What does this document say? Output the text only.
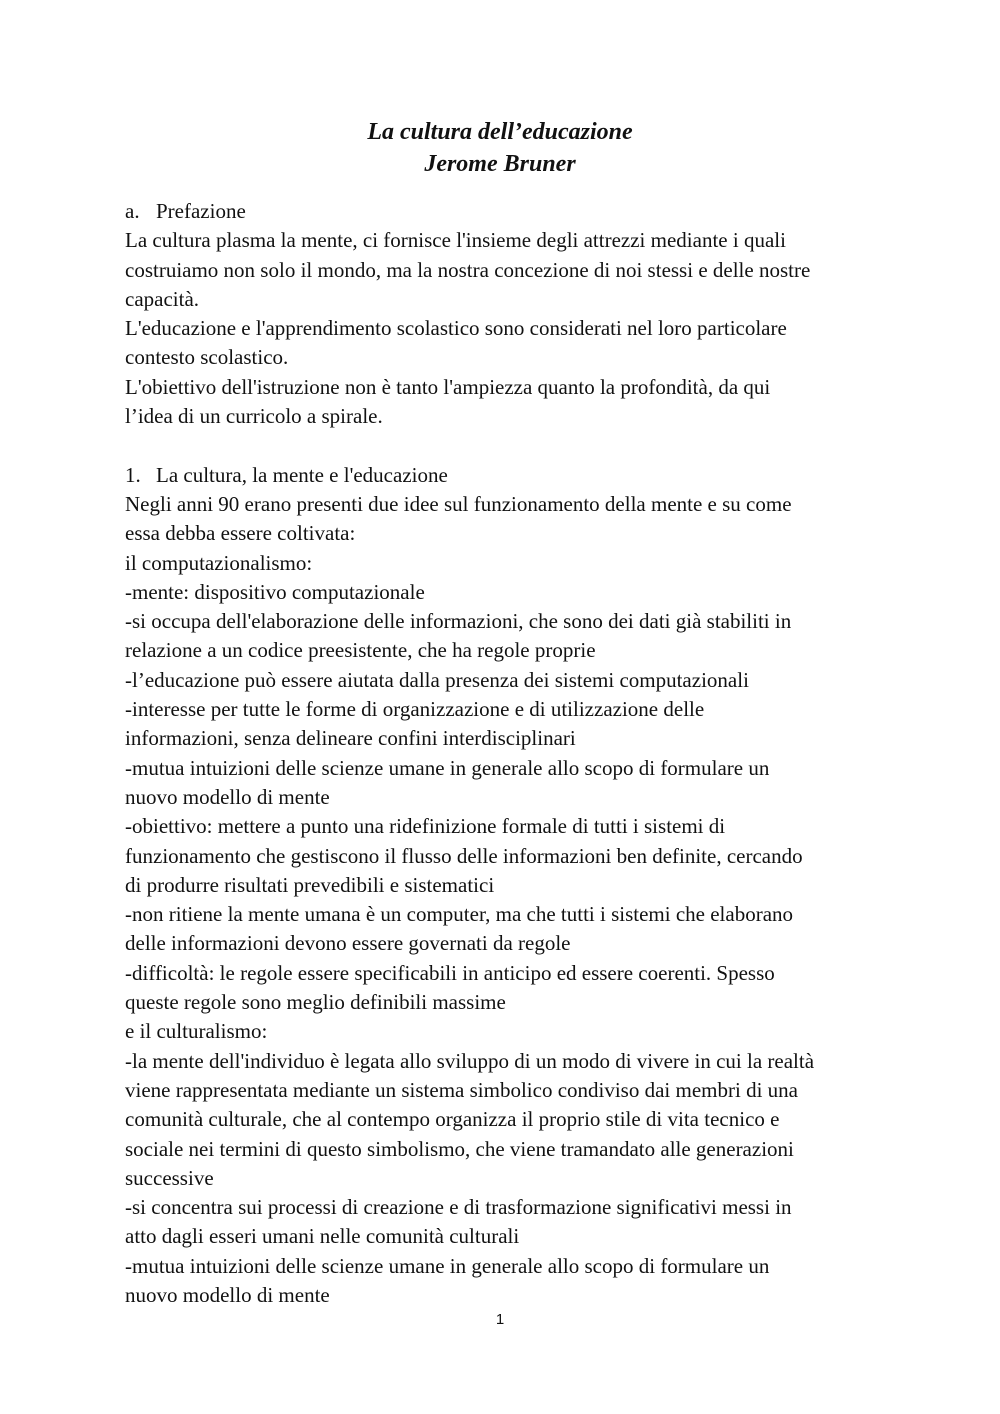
La cultura dell’educazione
Jerome Bruner
a. Prefazione
La cultura plasma la mente, ci fornisce l'insieme degli attrezzi mediante i quali
costruiamo non solo il mondo, ma la nostra concezione di noi stessi e delle nostre
capacità.
L'educazione e l'apprendimento scolastico sono considerati nel loro particolare
contesto scolastico.
L'obiettivo dell'istruzione non è tanto l'ampiezza quanto la profondità, da qui
l’idea di un curricolo a spirale.
1. La cultura, la mente e l'educazione
Negli anni 90 erano presenti due idee sul funzionamento della mente e su come
essa debba essere coltivata:
il computazionalismo:
-mente: dispositivo computazionale
-si occupa dell'elaborazione delle informazioni, che sono dei dati già stabiliti in
relazione a un codice preesistente, che ha regole proprie
-l’educazione può essere aiutata dalla presenza dei sistemi computazionali
-interesse per tutte le forme di organizzazione e di utilizzazione delle
informazioni, senza delineare confini interdisciplinari
-mutua intuizioni delle scienze umane in generale allo scopo di formulare un
nuovo modello di mente
-obiettivo: mettere a punto una ridefinizione formale di tutti i sistemi di
funzionamento che gestiscono il flusso delle informazioni ben definite, cercando
di produrre risultati prevedibili e sistematici
-non ritiene la mente umana è un computer, ma che tutti i sistemi che elaborano
delle informazioni devono essere governati da regole
-difficoltà: le regole essere specificabili in anticipo ed essere coerenti. Spesso
queste regole sono meglio definibili massime
e il culturalismo:
-la mente dell'individuo è legata allo sviluppo di un modo di vivere in cui la realtà
viene rappresentata mediante un sistema simbolico condiviso dai membri di una
comunità culturale, che al contempo organizza il proprio stile di vita tecnico e
sociale nei termini di questo simbolismo, che viene tramandato alle generazioni
successive
-si concentra sui processi di creazione e di trasformazione significativi messi in
atto dagli esseri umani nelle comunità culturali
-mutua intuizioni delle scienze umane in generale allo scopo di formulare un
nuovo modello di mente
1
